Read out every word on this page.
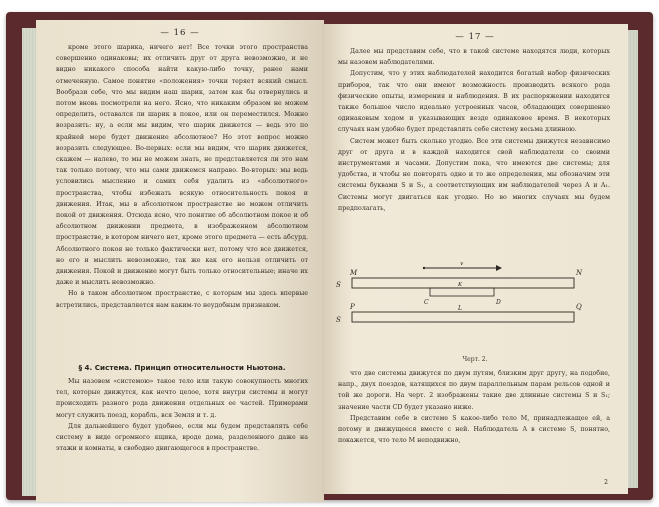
— 16 —

кроме этого шарика, ничего нет! Все точки этого пространства совершенно одинаковы; их отличить друг от друга невозможно, и не видно никакого способа найти какую-либо точку, ранее нами отмеченную. Самое понятие «положения» точки теряет всякий смысл. Вообрази себе, что мы видим наш шарик, затем как бы отвернулись и потом вновь посмотрели на него. Ясно, что никаким образом не можем определить, оставался ли шарик в покое, или он переместился. Можно возразить: ну, а если мы видим, что шарик движется — ведь это по крайней мере будет движение абсолютное? Но этот вопрос можно возразить следующее. Во-первых: если мы видим, что шарик движется, скажем — налево, то мы не можем знать, не представляется ли это нам так только потому, что мы сами движемся направо. Во-вторых: мы ведь условились мысленно и самих себя удалить из «абсолютного» пространства, чтобы избежать всякую относительность покоя и движения. Итак, мы в абсолютном пространстве не можем отличить покой от движения. Отсюда ясно, что понятие об абсолютном покое и об абсолютном движении предмета, в изображенном абсолютном пространстве, в котором ничего нет, кроме этого предмета — есть абсурд. Абсолютного покоя не только фактически нет, потому что все движется, но его и мыслить невозможно, так же как его нельзя отличить от движения. Покой и движение могут быть только относительные; иначе их даже и мыслить невозможно.

Но в таком абсолютном пространстве, с которым мы здесь впервые встретились, представляется нам каким-то неудобным признаком.

§ 4. Система. Принцип относительности Ньютона.

Мы назовем «системою» такое тело или такую совокупность многих тел, которые движутся, как нечто целое, хотя внутри системы и могут происходить разного рода движения отдельных ее частей. Примерами могут служить поезд, корабль, вся Земля и т. д.

Для дальнейшего будет удобнее, если мы будем представлять себе систему в виде огромного ящика, вроде дома, разделенного даже на этажи и комнаты, в свободно двигающегося в пространстве.

— 17 —

Далее мы представим себе, что в такой системе находятся люди, которых мы назовем наблюдателями.

Допустим, что у этих наблюдателей находится богатый набор физических приборов, так что они имеют возможность производить всякого рода физические опыты, измерения и наблюдения. В их распоряжении находится также большое число идеально устроенных часов, обладающих совершенно одинаковым ходом и указывающих везде одинаковое время. В некоторых случаях нам удобно будет представлять себе систему весьма длинною.

Систем может быть сколько угодно. Все эти системы движутся независимо друг от друга и в каждой находится свой наблюдатели со своими инструментами и часами. Допустим пока, что имеются две системы; для удобства, и чтобы не повторять одно и то же определения, мы обозначим эти системы буквами S и S₁, а соответствующих им наблюдателей через A и A₁. Системы могут двигаться как угодно. Но во многих случаях мы будем предполагать,

v
S
M	N
K
C	D
L
P	Q
S
Черт. 2.

что две системы движутся по двум путям, близким друг другу, на подобие, напр., двух поездов, катящихся по двум параллельным парам рельсов одной и той же дороги. На черт. 2 изображены такие две длинные системы S и S₁; значение части CD будет указано ниже.

Представим себе в системе S какое-либо тело M, принадлежащее ей, а потому и движущееся вместе с ней. Наблюдатель A в системе S, понятно, покажется, что тело M неподвижно,

2
